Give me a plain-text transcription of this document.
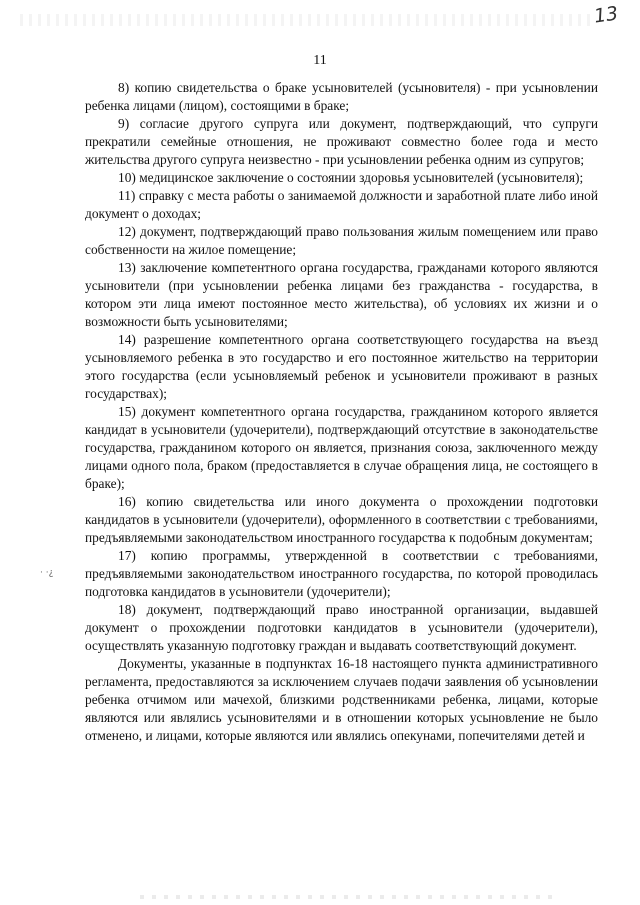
13
11
· ·¿

8) копию свидетельства о браке усыновителей (усыновителя) - при усыновлении ребенка лицами (лицом), состоящими в браке;

9) согласие другого супруга или документ, подтверждающий, что супруги прекратили семейные отношения, не проживают совместно более года и место жительства другого супруга неизвестно - при усыновлении ребенка одним из супругов;

10) медицинское заключение о состоянии здоровья усыновителей (усыновителя);

11) справку с места работы о занимаемой должности и заработной плате либо иной документ о доходах;

12) документ, подтверждающий право пользования жилым помещением или право собственности на жилое помещение;

13) заключение компетентного органа государства, гражданами которого являются усыновители (при усыновлении ребенка лицами без гражданства - государства, в котором эти лица имеют постоянное место жительства), об условиях их жизни и о возможности быть усыновителями;

14) разрешение компетентного органа соответствующего государства на въезд усыновляемого ребенка в это государство и его постоянное жительство на территории этого государства (если усыновляемый ребенок и усыновители проживают в разных государствах);

15) документ компетентного органа государства, гражданином которого является кандидат в усыновители (удочерители), подтверждающий отсутствие в законодательстве государства, гражданином которого он является, признания союза, заключенного между лицами одного пола, браком (предоставляется в случае обращения лица, не состоящего в браке);

16) копию свидетельства или иного документа о прохождении подготовки кандидатов в усыновители (удочерители), оформленного в соответствии с требованиями, предъявляемыми законодательством иностранного государства к подобным документам;

17) копию программы, утвержденной в соответствии с требованиями, предъявляемыми законодательством иностранного государства, по которой проводилась подготовка кандидатов в усыновители (удочерители);

18) документ, подтверждающий право иностранной организации, выдавшей документ о прохождении подготовки кандидатов в усыновители (удочерители), осуществлять указанную подготовку граждан и выдавать соответствующий документ.

Документы, указанные в подпунктах 16-18 настоящего пункта административного регламента, предоставляются за исключением случаев подачи заявления об усыновлении ребенка отчимом или мачехой, близкими родственниками ребенка, лицами, которые являются или являлись усыновителями и в отношении которых усыновление не было отменено, и лицами, которые являются или являлись опекунами, попечителями детей и
